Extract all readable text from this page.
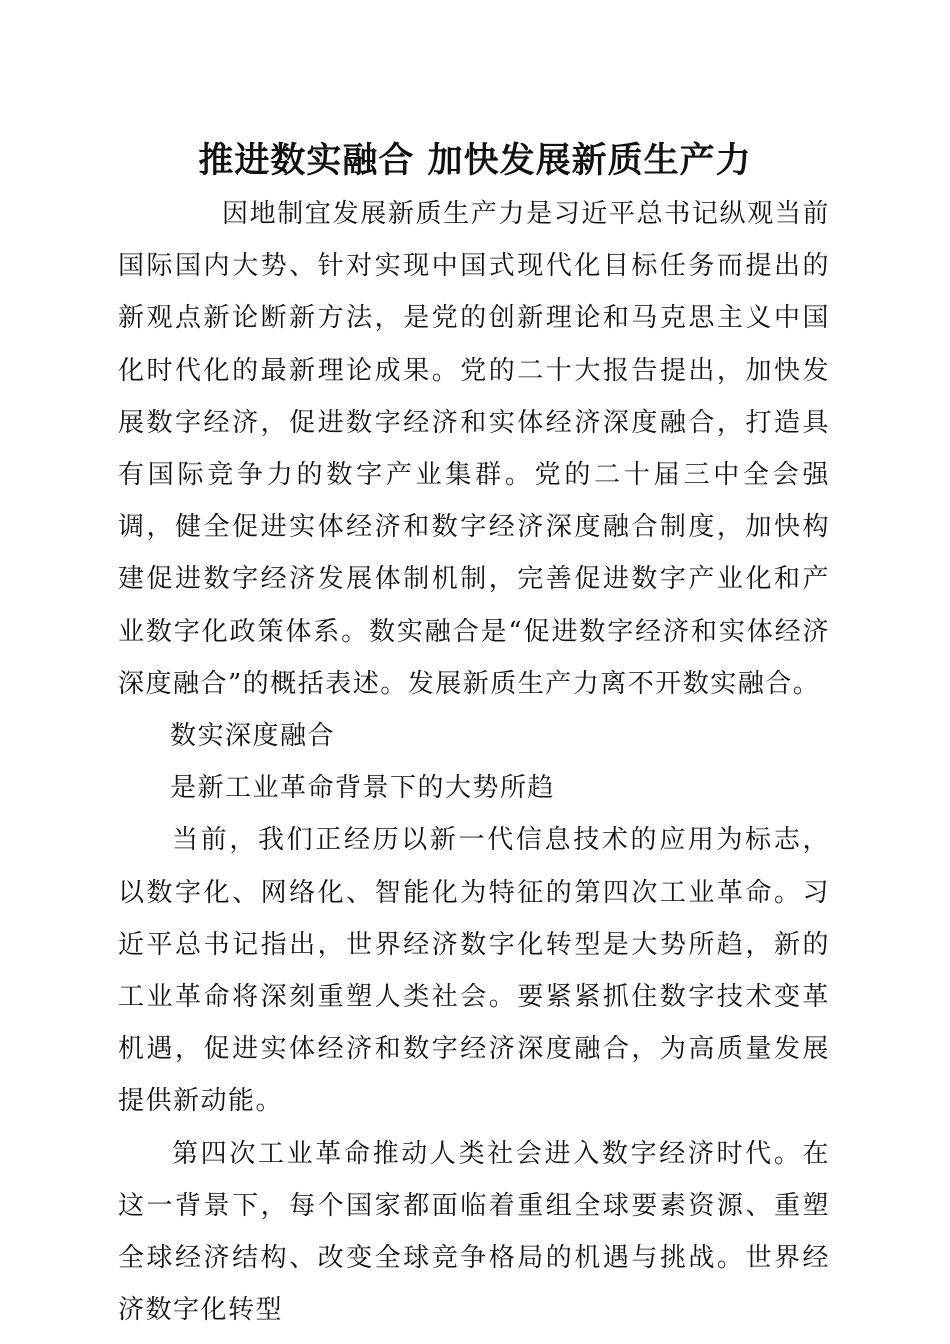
推进数实融合 加快发展新质生产力

因地制宜发展新质生产力是习近平总书记纵观当前国际国内大势、针对实现中国式现代化目标任务而提出的新观点新论断新方法，是党的创新理论和马克思主义中国化时代化的最新理论成果。党的二十大报告提出，加快发展数字经济，促进数字经济和实体经济深度融合，打造具有国际竞争力的数字产业集群。党的二十届三中全会强调，健全促进实体经济和数字经济深度融合制度，加快构建促进数字经济发展体制机制，完善促进数字产业化和产业数字化政策体系。数实融合是“促进数字经济和实体经济深度融合”的概括表述。发展新质生产力离不开数实融合。

数实深度融合

是新工业革命背景下的大势所趋

当前，我们正经历以新一代信息技术的应用为标志，以数字化、网络化、智能化为特征的第四次工业革命。习近平总书记指出，世界经济数字化转型是大势所趋，新的工业革命将深刻重塑人类社会。要紧紧抓住数字技术变革机遇，促进实体经济和数字经济深度融合，为高质量发展提供新动能。

第四次工业革命推动人类社会进入数字经济时代。在这一背景下，每个国家都面临着重组全球要素资源、重塑全球经济结构、改变全球竞争格局的机遇与挑战。世界经济数字化转型
